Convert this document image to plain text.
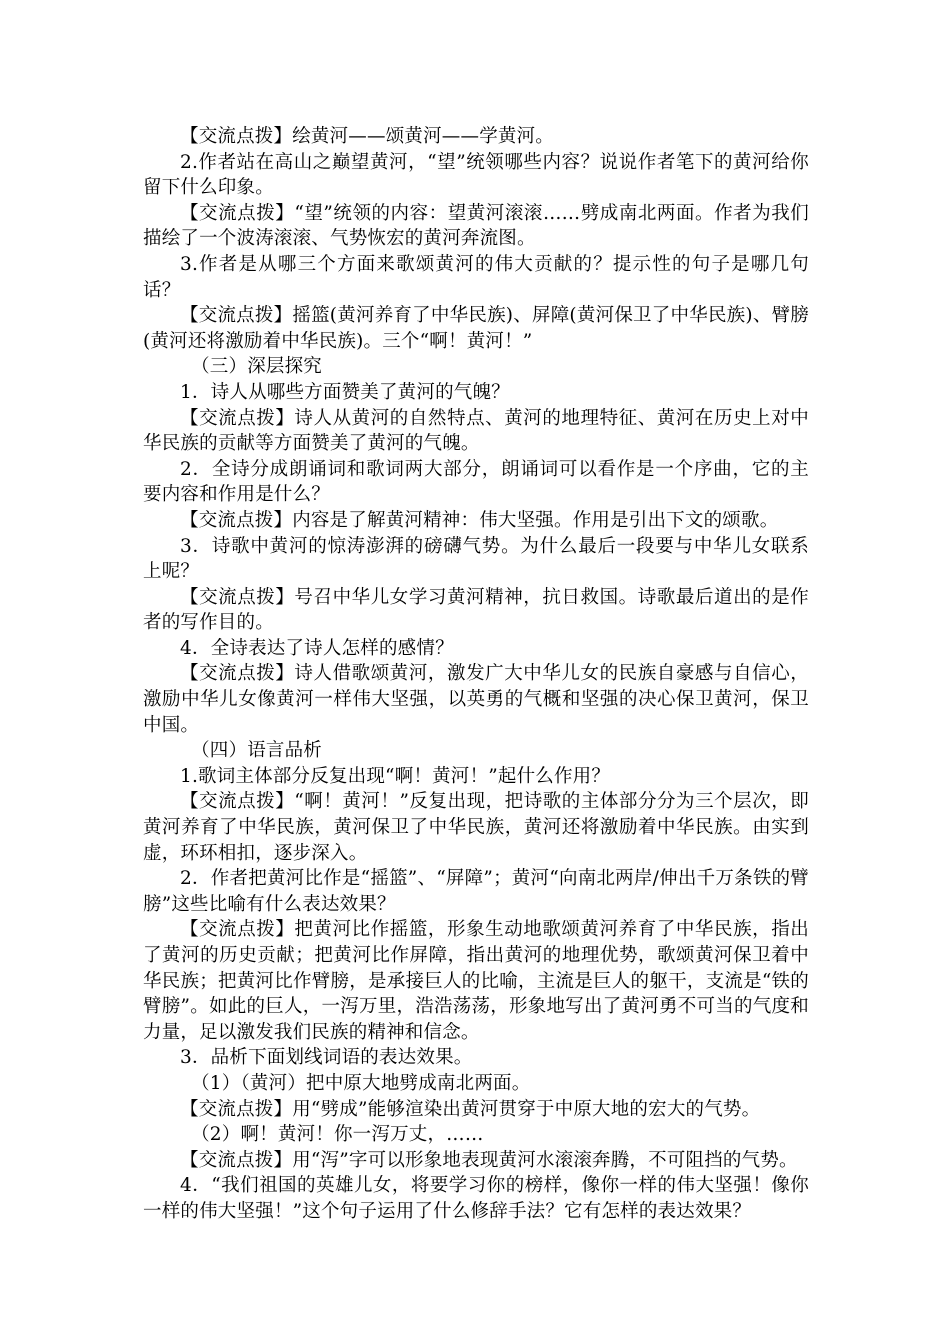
【交流点拨】绘黄河——颂黄河——学黄河。

2.作者站在高山之巅望黄河，“望”统领哪些内容？说说作者笔下的黄河给你留下什么印象。

【交流点拨】“望”统领的内容：望黄河滚滚……劈成南北两面。作者为我们描绘了一个波涛滚滚、气势恢宏的黄河奔流图。

3.作者是从哪三个方面来歌颂黄河的伟大贡献的？提示性的句子是哪几句话？

【交流点拨】摇篮(黄河养育了中华民族)、屏障(黄河保卫了中华民族)、臂膀(黄河还将激励着中华民族)。三个“啊！黄河！”

（三）深层探究

1．诗人从哪些方面赞美了黄河的气魄？

【交流点拨】诗人从黄河的自然特点、黄河的地理特征、黄河在历史上对中华民族的贡献等方面赞美了黄河的气魄。

2．全诗分成朗诵词和歌词两大部分，朗诵词可以看作是一个序曲，它的主要内容和作用是什么？

【交流点拨】内容是了解黄河精神：伟大坚强。作用是引出下文的颂歌。

3．诗歌中黄河的惊涛澎湃的磅礴气势。为什么最后一段要与中华儿女联系上呢？

【交流点拨】号召中华儿女学习黄河精神，抗日救国。诗歌最后道出的是作者的写作目的。

4．全诗表达了诗人怎样的感情？

【交流点拨】诗人借歌颂黄河，激发广大中华儿女的民族自豪感与自信心，激励中华儿女像黄河一样伟大坚强，以英勇的气概和坚强的决心保卫黄河，保卫中国。

（四）语言品析

1.歌词主体部分反复出现“啊！黄河！”起什么作用？

【交流点拨】“啊！黄河！”反复出现，把诗歌的主体部分分为三个层次，即黄河养育了中华民族，黄河保卫了中华民族，黄河还将激励着中华民族。由实到虚，环环相扣，逐步深入。

2．作者把黄河比作是“摇篮”、“屏障”；黄河“向南北两岸/伸出千万条铁的臂膀”这些比喻有什么表达效果？

【交流点拨】把黄河比作摇篮，形象生动地歌颂黄河养育了中华民族，指出了黄河的历史贡献；把黄河比作屏障，指出黄河的地理优势，歌颂黄河保卫着中华民族；把黄河比作臂膀，是承接巨人的比喻，主流是巨人的躯干，支流是“铁的臂膀”。如此的巨人，一泻万里，浩浩荡荡，形象地写出了黄河勇不可当的气度和力量，足以激发我们民族的精神和信念。

3．品析下面划线词语的表达效果。

（1）（黄河）把中原大地劈成南北两面。

【交流点拨】用“劈成”能够渲染出黄河贯穿于中原大地的宏大的气势。

（2）啊！黄河！你一泻万丈，……

【交流点拨】用“泻”字可以形象地表现黄河水滚滚奔腾，不可阻挡的气势。

4．“我们祖国的英雄儿女，将要学习你的榜样，像你一样的伟大坚强！像你一样的伟大坚强！”这个句子运用了什么修辞手法？它有怎样的表达效果？
